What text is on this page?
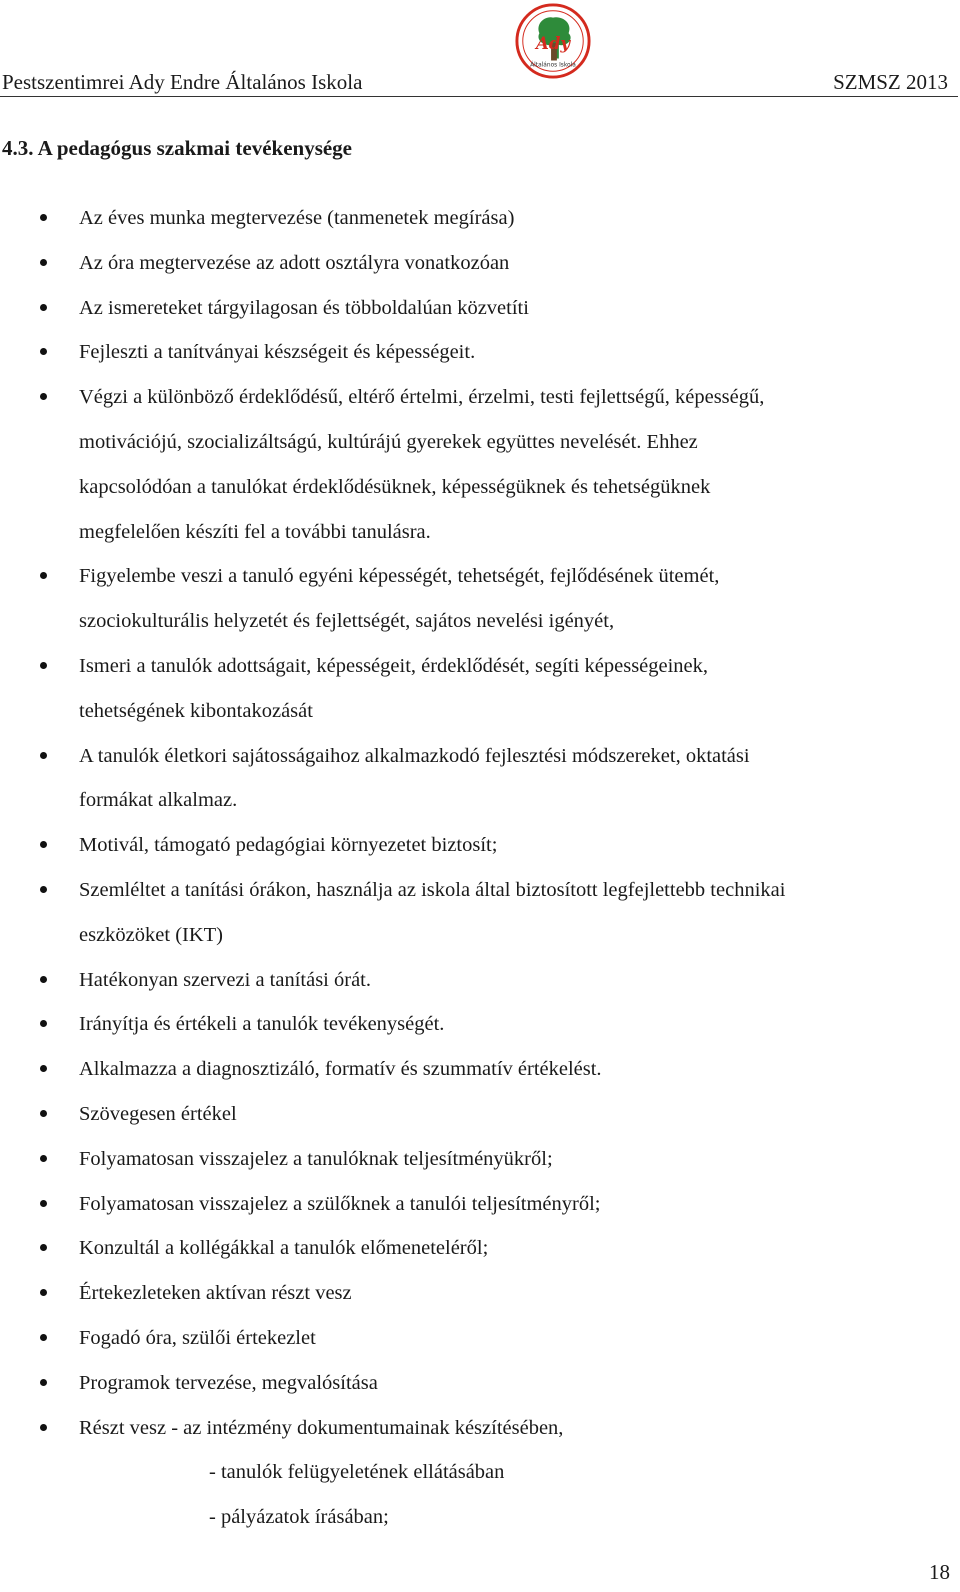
Pestszentimrei Ady Endre Általános Iskola
Ady
Általános Iskola
SZMSZ 2013
4.3. A pedagógus szakmai tevékenysége
Az éves munka megtervezése (tanmenetek megírása)
Az óra megtervezése az adott osztályra vonatkozóan
Az ismereteket tárgyilagosan és többoldalúan közvetíti
Fejleszti a tanítványai készségeit és képességeit.
Végzi a különböző érdeklődésű, eltérő értelmi, érzelmi, testi fejlettségű, képességű,
motivációjú, szocializáltságú, kultúrájú gyerekek együttes nevelését. Ehhez
kapcsolódóan a tanulókat érdeklődésüknek, képességüknek és tehetségüknek
megfelelően készíti fel a további tanulásra.
Figyelembe veszi a tanuló egyéni képességét, tehetségét, fejlődésének ütemét,
szociokulturális helyzetét és fejlettségét, sajátos nevelési igényét,
Ismeri a tanulók adottságait, képességeit, érdeklődését, segíti képességeinek,
tehetségének kibontakozását
A tanulók életkori sajátosságaihoz alkalmazkodó fejlesztési módszereket, oktatási
formákat alkalmaz.
Motivál, támogató pedagógiai környezetet biztosít;
Szemléltet a tanítási órákon, használja az iskola által biztosított legfejlettebb technikai
eszközöket (IKT)
Hatékonyan szervezi a tanítási órát.
Irányítja és értékeli a tanulók tevékenységét.
Alkalmazza a diagnosztizáló, formatív és szummatív értékelést.
Szövegesen értékel
Folyamatosan visszajelez a tanulóknak teljesítményükről;
Folyamatosan visszajelez a szülőknek a tanulói teljesítményről;
Konzultál a kollégákkal a tanulók előmeneteléről;
Értekezleteken aktívan részt vesz
Fogadó óra, szülői értekezlet
Programok tervezése, megvalósítása
Részt vesz - az intézmény dokumentumainak készítésében,
- tanulók felügyeletének ellátásában
- pályázatok írásában;
18
